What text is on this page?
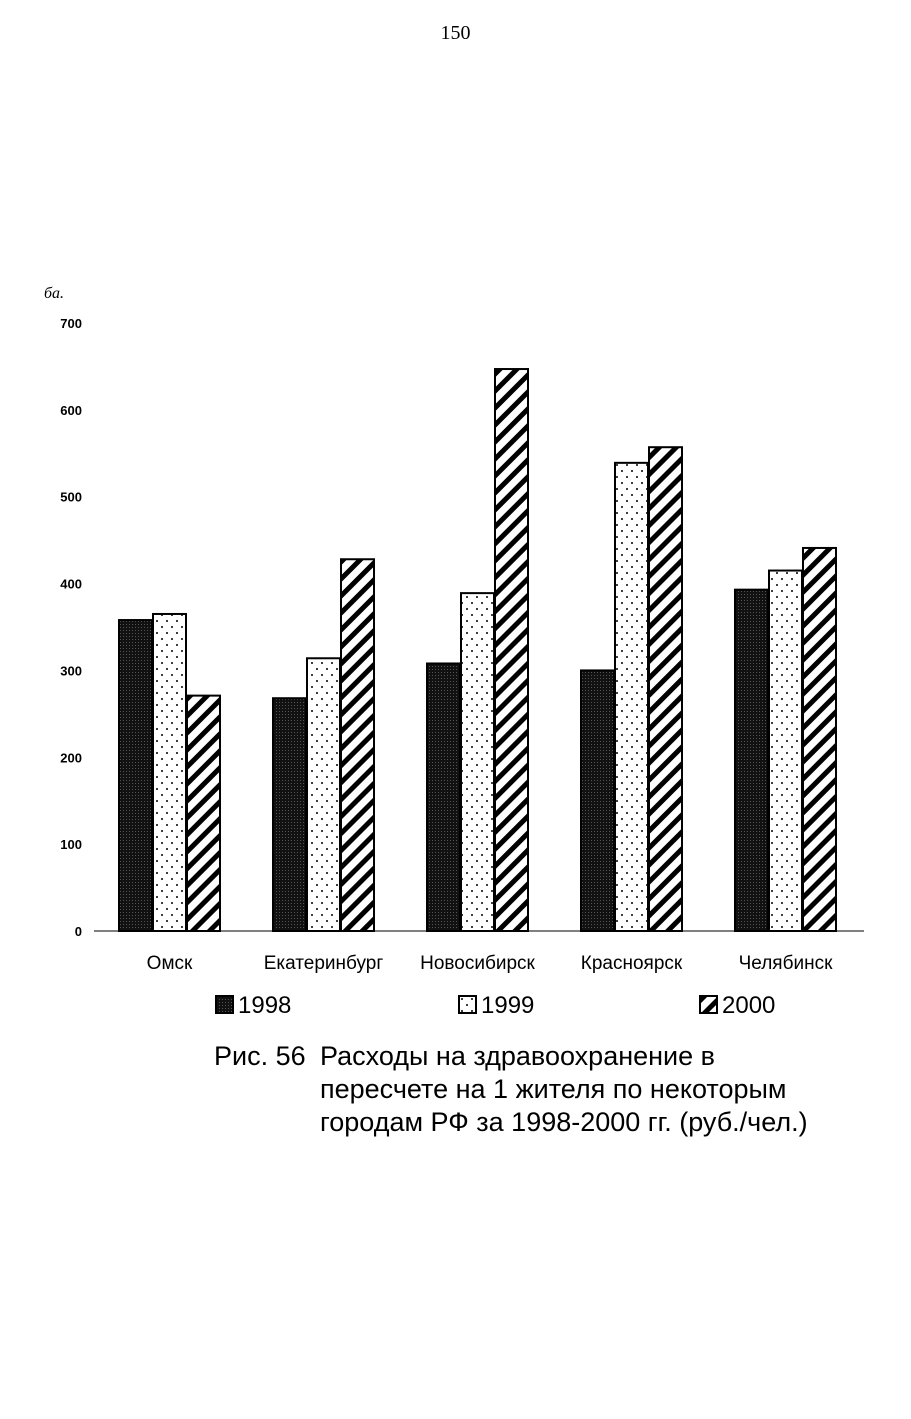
150
ба.
0
100
200
300
400
500
600
700
Омск	Екатеринбург Новосибирск Красноярск	Челябинск
1998	1999	2000
Рис. 56 Расходы на здравоохранение в
пересчете на 1 жителя по некоторым
городам РФ за 1998-2000 гг. (руб./чел.)
